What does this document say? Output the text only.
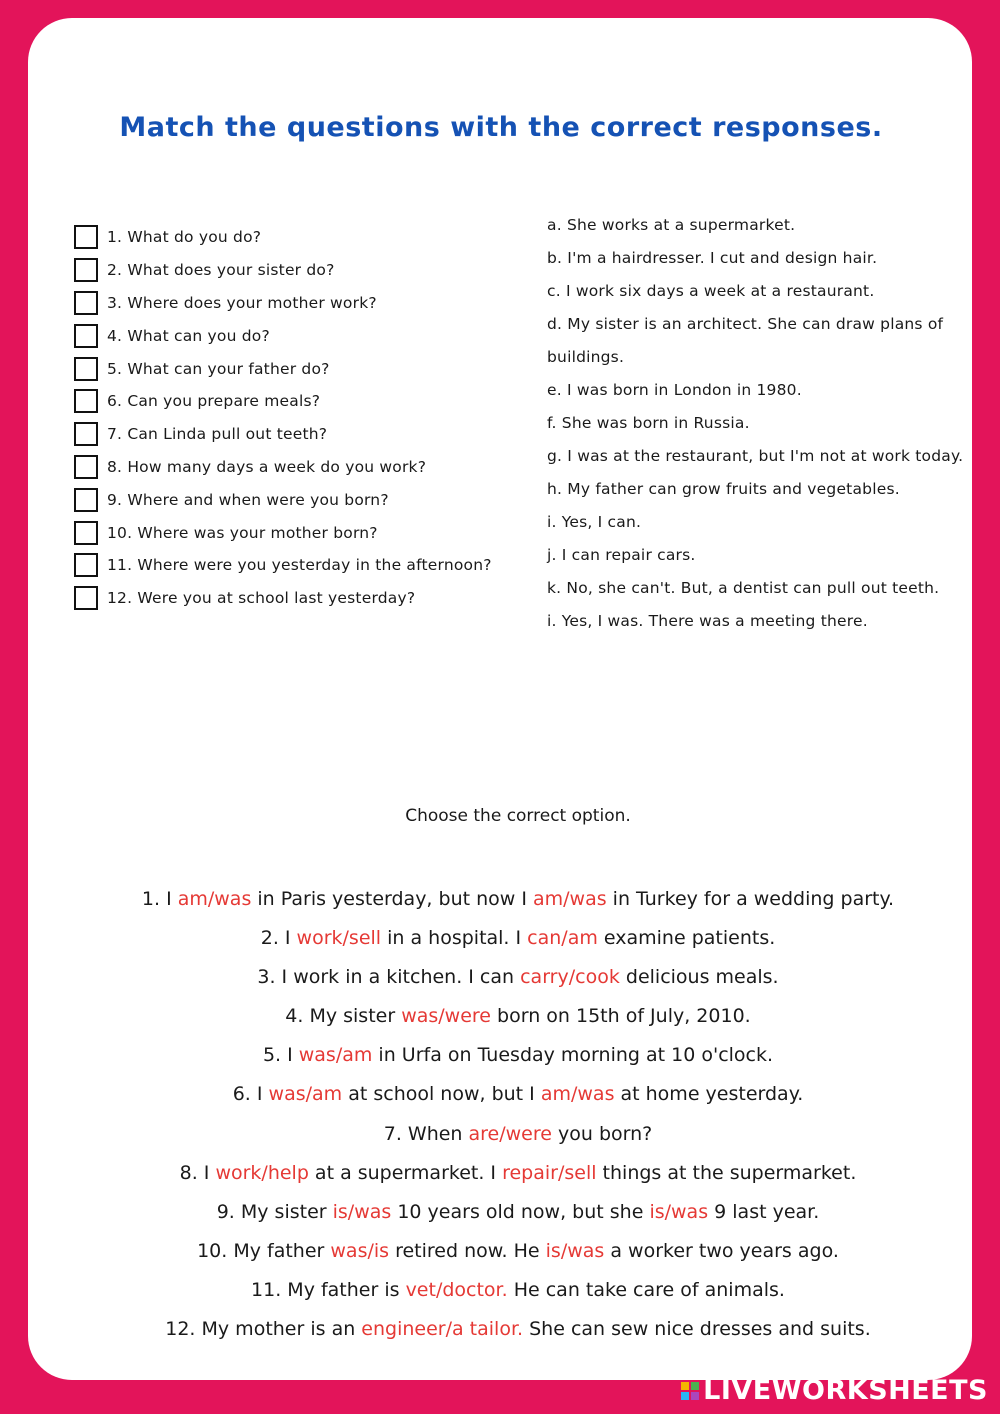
Match the questions with the correct responses.
1. What do you do?
2. What does your sister do?
3. Where does your mother work?
4. What can you do?
5. What can your father do?
6. Can you prepare meals?
7. Can Linda pull out teeth?
8. How many days a week do you work?
9. Where and when were you born?
10. Where was your mother born?
11. Where were you yesterday in the afternoon?
12. Were you at school last yesterday?
a. She works at a supermarket.
b. I'm a hairdresser. I cut and design hair.
c. I work six days a week at a restaurant.
d. My sister is an architect. She can draw plans of
buildings.
e. I was born in London in 1980.
f. She was born in Russia.
g. I was at the restaurant, but I'm not at work today.
h. My father can grow fruits and vegetables.
i. Yes, I can.
j. I can repair cars.
k. No, she can't. But, a dentist can pull out teeth.
i. Yes, I was. There was a meeting there.
Choose the correct option.
1. I am/was in Paris yesterday, but now I am/was in Turkey for a wedding party.
2. I work/sell in a hospital. I can/am examine patients.
3. I work in a kitchen. I can carry/cook delicious meals.
4. My sister was/were born on 15th of July, 2010.
5. I was/am in Urfa on Tuesday morning at 10 o'clock.
6. I was/am at school now, but I am/was at home yesterday.
7. When are/were you born?
8. I work/help at a supermarket. I repair/sell things at the supermarket.
9. My sister is/was 10 years old now, but she is/was 9 last year.
10. My father was/is retired now. He is/was a worker two years ago.
11. My father is vet/doctor. He can take care of animals.
12. My mother is an engineer/a tailor. She can sew nice dresses and suits.
LIVEWORKSHEETS
